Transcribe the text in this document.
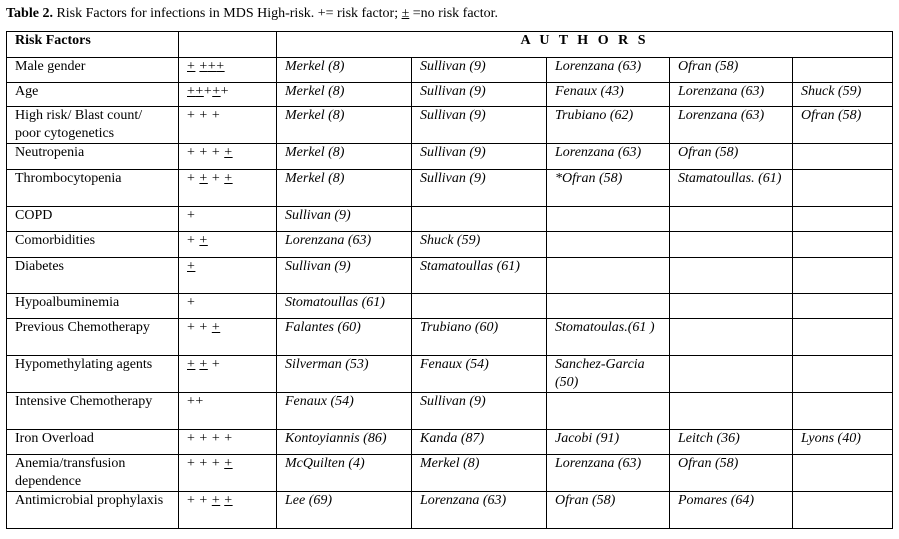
Table 2. Risk Factors for infections in MDS High-risk. += risk factor; ± =no risk factor.
Risk Factors		A U T H O R S				
Male gender	+ +++	Merkel (8)	Sullivan (9)	Lorenzana (63)	Ofran (58)	
Age	+++++	Merkel (8)	Sullivan (9)	Fenaux (43)	Lorenzana (63)	Shuck (59)
High risk/ Blast count/ poor cytogenetics	+ + +	Merkel (8)	Sullivan (9)	Trubiano (62)	Lorenzana (63)	Ofran (58)
Neutropenia	+ + + +	Merkel (8)	Sullivan (9)	Lorenzana (63)	Ofran (58)	
Thrombocytopenia	+ + + +	Merkel (8)	Sullivan (9)	*Ofran (58)	Stamatoullas. (61)	
COPD	+	Sullivan (9)				
Comorbidities	+ +	Lorenzana (63)	Shuck (59)			
Diabetes	+	Sullivan (9)	Stamatoullas (61)			
Hypoalbuminemia	+	Stomatoullas (61)				
Previous Chemotherapy	+ + +	Falantes (60)	Trubiano (60)	Stomatoulas.(61 )		
Hypomethylating agents	+ + +	Silverman (53)	Fenaux (54)	Sanchez-Garcia (50)		
Intensive Chemotherapy	++	Fenaux (54)	Sullivan (9)			
Iron Overload	+ + + +	Kontoyiannis (86)	Kanda (87)	Jacobi (91)	Leitch (36)	Lyons (40)
Anemia/transfusion dependence	+ + + +	McQuilten (4)	Merkel (8)	Lorenzana (63)	Ofran (58)	
Antimicrobial prophylaxis	+ + + +	Lee (69)	Lorenzana (63)	Ofran (58)	Pomares (64)	
